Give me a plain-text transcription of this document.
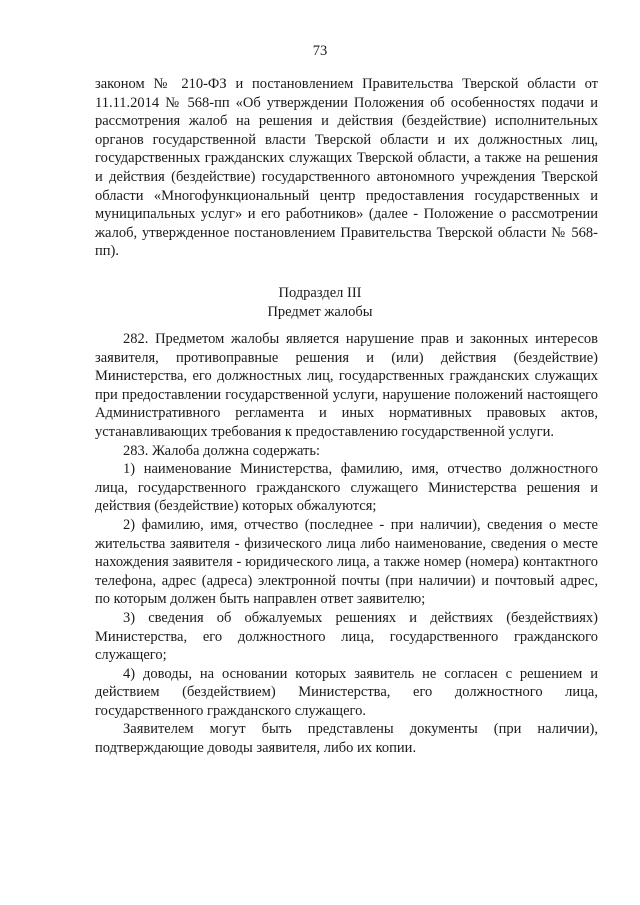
73

законом № 210-ФЗ и постановлением Правительства Тверской области от 11.11.2014 № 568-пп «Об утверждении Положения об особенностях подачи и рассмотрения жалоб на решения и действия (бездействие) исполнительных органов государственной власти Тверской области и их должностных лиц, государственных гражданских служащих Тверской области, а также на решения и действия (бездействие) государственного автономного учреждения Тверской области «Многофункциональный центр предоставления государственных и муниципальных услуг» и его работников» (далее - Положение о рассмотрении жалоб, утвержденное постановлением Правительства Тверской области № 568-пп).

Подраздел III
Предмет жалобы

282. Предметом жалобы является нарушение прав и законных интересов заявителя, противоправные решения и (или) действия (бездействие) Министерства, его должностных лиц, государственных гражданских служащих при предоставлении государственной услуги, нарушение положений настоящего Административного регламента и иных нормативных правовых актов, устанавливающих требования к предоставлению государственной услуги.

283. Жалоба должна содержать:

1) наименование Министерства, фамилию, имя, отчество должностного лица, государственного гражданского служащего Министерства решения и действия (бездействие) которых обжалуются;

2) фамилию, имя, отчество (последнее - при наличии), сведения о месте жительства заявителя - физического лица либо наименование, сведения о месте нахождения заявителя - юридического лица, а также номер (номера) контактного телефона, адрес (адреса) электронной почты (при наличии) и почтовый адрес, по которым должен быть направлен ответ заявителю;

3) сведения об обжалуемых решениях и действиях (бездействиях) Министерства, его должностного лица, государственного гражданского служащего;

4) доводы, на основании которых заявитель не согласен с решением и действием (бездействием) Министерства, его должностного лица, государственного гражданского служащего.

Заявителем могут быть представлены документы (при наличии), подтверждающие доводы заявителя, либо их копии.
